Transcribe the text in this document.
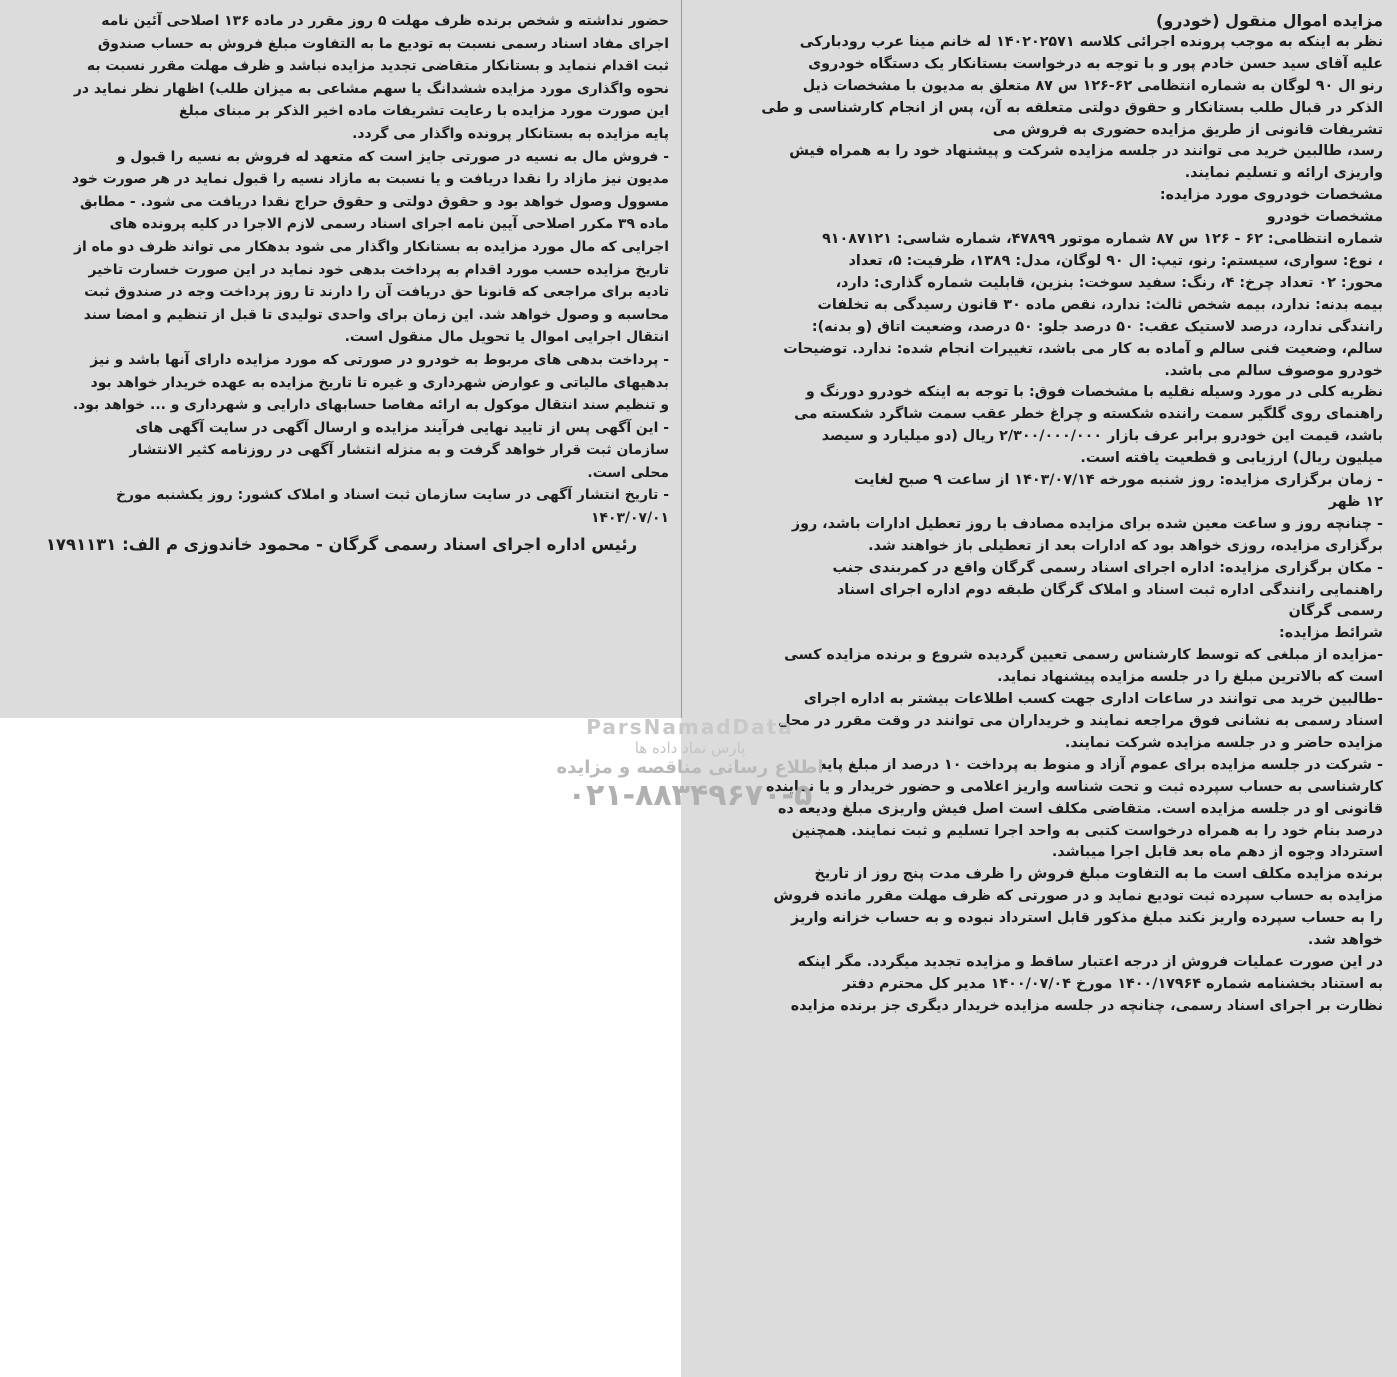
مزایده اموال منقول (خودرو)
نظر به اینکه به موجب پرونده اجرائی کلاسه ۱۴۰۲۰۲۵۷۱ له خانم مینا عرب رودبارکی
علیه آقای سید حسن خادم پور و با توجه به درخواست بستانکار یک دستگاه خودروی
رنو ال ۹۰ لوگان به شماره انتظامی ۶۲-۱۲۶ س ۸۷ متعلق به مدیون با مشخصات ذیل
الذکر در قبال طلب بستانکار و حقوق دولتی متعلقه به آن، پس از انجام کارشناسی و طی
تشریفات قانونی از طریق مزایده حضوری به فروش می
رسد، طالبین خرید می توانند در جلسه مزایده شرکت و پیشنهاد خود را به همراه فیش
واریزی ارائه و تسلیم نمایند.
مشخصات خودروی مورد مزایده:
مشخصات خودرو
شماره انتظامی: ۶۲ - ۱۲۶ س ۸۷ شماره موتور ۴۷۸۹۹، شماره شاسی: ۹۱۰۸۷۱۲۱
، نوع: سواری، سیستم: رنو، تیپ: ال ۹۰ لوگان، مدل: ۱۳۸۹، ظرفیت: ۵، تعداد
محور: ۰۲ تعداد چرخ: ۴، رنگ: سفید سوخت: بنزین، قابلیت شماره گذاری: دارد،
بیمه بدنه: ندارد، بیمه شخص ثالث: ندارد، نقص ماده ۳۰ قانون رسیدگی به تخلفات
رانندگی ندارد، درصد لاستیک عقب: ۵۰ درصد جلو: ۵۰ درصد، وضعیت اتاق (و بدنه):
سالم، وضعیت فنی سالم و آماده به کار می باشد، تغییرات انجام شده: ندارد. توضیحات
خودرو موصوف سالم می باشد.
نظریه کلی در مورد وسیله نقلیه با مشخصات فوق: با توجه به اینکه خودرو دورنگ و
راهنمای روی گلگیر سمت راننده شکسته و چراغ خطر عقب سمت شاگرد شکسته می
باشد، قیمت این خودرو برابر عرف بازار ۲/۳۰۰/۰۰۰/۰۰۰ ریال (دو میلیارد و سیصد
میلیون ریال) ارزیابی و قطعیت یافته است.
- زمان برگزاری مزایده: روز شنبه مورخه ۱۴۰۳/۰۷/۱۴ از ساعت ۹ صبح لغایت
۱۲ ظهر
- چنانچه روز و ساعت معین شده برای مزایده مصادف با روز تعطیل ادارات باشد، روز
برگزاری مزایده، روزی خواهد بود که ادارات بعد از تعطیلی باز خواهند شد.
- مکان برگزاری مزایده: اداره اجرای اسناد رسمی گرگان واقع در کمربندی جنب
راهنمایی رانندگی اداره ثبت اسناد و املاک گرگان طبقه دوم اداره اجرای اسناد
رسمی گرگان
شرائط مزایده:
-مزایده از مبلغی که توسط کارشناس رسمی تعیین گردیده شروع و برنده مزایده کسی
است که بالاترین مبلغ را در جلسه مزایده پیشنهاد نماید.
-طالبین خرید می توانند در ساعات اداری جهت کسب اطلاعات بیشتر به اداره اجرای
اسناد رسمی به نشانی فوق مراجعه نمایند و خریداران می توانند در وقت مقرر در محل
مزایده حاضر و در جلسه مزایده شرکت نمایند.
- شرکت در جلسه مزایده برای عموم آزاد و منوط به پرداخت ۱۰ درصد از مبلغ پایه
کارشناسی به حساب سپرده ثبت و تحت شناسه واریز اعلامی و حضور خریدار و یا نماینده
قانونی او در جلسه مزایده است. متقاضی مکلف است اصل فیش واریزی مبلغ ودیعه ده
درصد بنام خود را به همراه درخواست کتبی به واحد اجرا تسلیم و ثبت نمایند. همچنین
استرداد وجوه از دهم ماه بعد قابل اجرا میباشد.
برنده مزایده مکلف است ما به التفاوت مبلغ فروش را ظرف مدت پنج روز از تاریخ
مزایده به حساب سپرده ثبت تودیع نماید و در صورتی که ظرف مهلت مقرر مانده فروش
را به حساب سپرده واریز نکند مبلغ مذکور قابل استرداد نبوده و به حساب خزانه واریز
خواهد شد.
در این صورت عملیات فروش از درجه اعتبار ساقط و مزایده تجدید میگردد. مگر اینکه
به استناد بخشنامه شماره ۱۴۰۰/۱۷۹۶۴ مورخ ۱۴۰۰/۰۷/۰۴ مدیر کل محترم دفتر
نظارت بر اجرای اسناد رسمی، چنانچه در جلسه مزایده خریدار دیگری جز برنده مزایده
حضور نداشته و شخص برنده ظرف مهلت ۵ روز مقرر در ماده ۱۳۶ اصلاحی آئین نامه
اجرای مفاد اسناد رسمی نسبت به تودیع ما به التفاوت مبلغ فروش به حساب صندوق
ثبت اقدام ننماید و بستانکار متقاضی تجدید مزایده نباشد و ظرف مهلت مقرر نسبت به
نحوه واگذاری مورد مزایده ششدانگ یا سهم مشاعی به میزان طلب) اظهار نظر نماید در
این صورت مورد مزایده با رعایت تشریفات ماده اخیر الذکر بر مبنای مبلغ
پایه مزایده به بستانکار پرونده واگذار می گردد.
- فروش مال به نسیه در صورتی جایز است که متعهد له فروش به نسیه را قبول و
مدیون نیز مازاد را نقدا دریافت و یا نسبت به مازاد نسیه را قبول نماید در هر صورت خود
مسوول وصول خواهد بود و حقوق دولتی و حقوق حراج نقدا دریافت می شود. - مطابق
ماده ۳۹ مکرر اصلاحی آیین نامه اجرای اسناد رسمی لازم الاجرا در کلیه پرونده های
اجرایی که مال مورد مزایده به بستانکار واگذار می شود بدهکار می تواند ظرف دو ماه از
تاریخ مزایده حسب مورد اقدام به پرداخت بدهی خود نماید در این صورت خسارت تاخیر
تادیه برای مراجعی که قانونا حق دریافت آن را دارند تا روز پرداخت وجه در صندوق ثبت
محاسبه و وصول خواهد شد. این زمان برای واحدی تولیدی تا قبل از تنظیم و امضا سند
انتقال اجرایی اموال یا تحویل مال منقول است.
- پرداخت بدهی های مربوط به خودرو در صورتی که مورد مزایده دارای آنها باشد و نیز
بدهیهای مالیاتی و عوارض شهرداری و غیره تا تاریخ مزایده به عهده خریدار خواهد بود
و تنظیم سند انتقال موکول به ارائه مفاصا حسابهای دارایی و شهرداری و ... خواهد بود.
- این آگهی پس از تایید نهایی فرآیند مزایده و ارسال آگهی در سایت آگهی های
سازمان ثبت قرار خواهد گرفت و به منزله انتشار آگهی در روزنامه کثیر الانتشار
محلی است.
- تاریخ انتشار آگهی در سایت سازمان ثبت اسناد و املاک کشور: روز یکشنبه مورخ
۱۴۰۳/۰۷/۰۱
رئیس اداره اجرای اسناد رسمی گرگان - محمود خاندوزی م الف: ۱۷۹۱۱۳۱
ParsNamadData
پارس نماد داده ها
اطلاع رسانی مناقصه و مزایده
۰۲۱-۸۸۳۴۹۶۷۰-۵
